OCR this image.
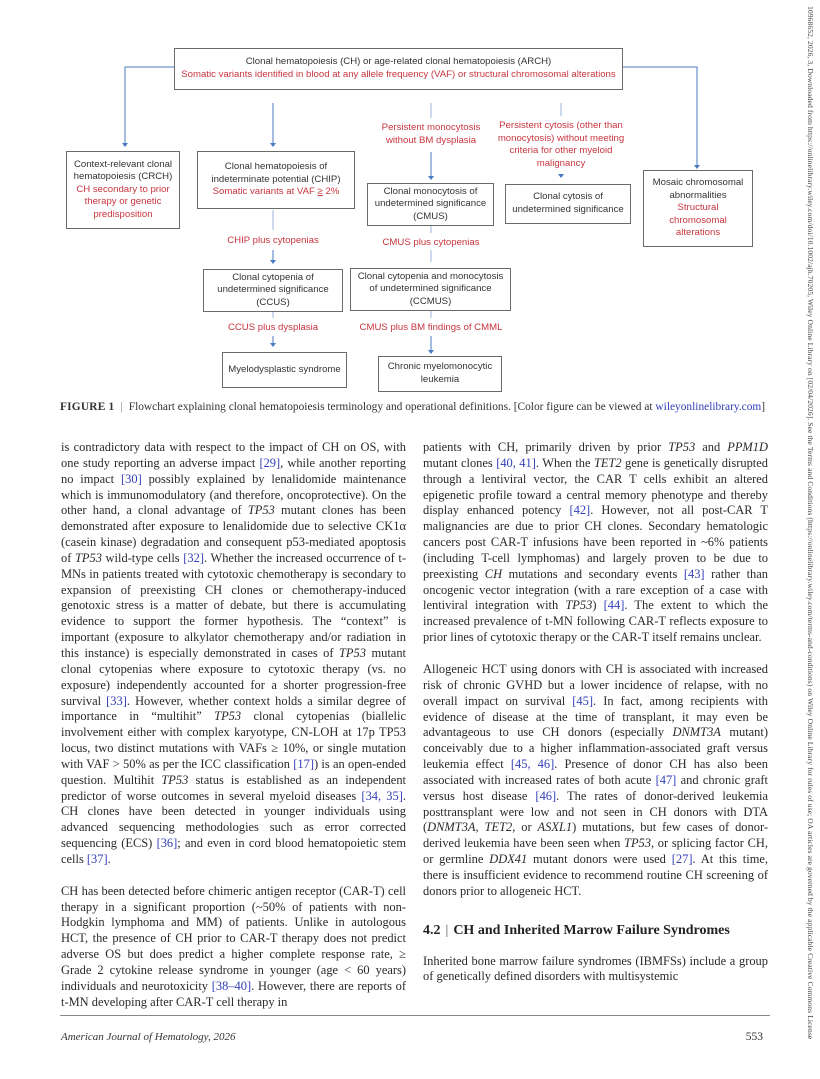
10968652, 2026, 3, Downloaded from https://onlinelibrary.wiley.com/doi/10.1002/ajh.70205, Wiley Online Library on [02/04/2026]. See the Terms and Conditions (https://onlinelibrary.wiley.com/terms-and-conditions) on Wiley Online Library for rules of use; OA articles are governed by the applicable Creative Commons License
Clonal hematopoiesis (CH) or age-related clonal hematopoiesis (ARCH)
Somatic variants identified in blood at any allele frequency (VAF) or structural chromosomal alterations
Context-relevant clonal hematopoiesis (CRCH)
CH secondary to prior therapy or genetic predisposition
Clonal hematopoiesis of indeterminate potential (CHIP)
Somatic variants at VAF ≥ 2%
Persistent monocytosis without BM dysplasia
Persistent cytosis (other than monocytosis) without meeting criteria for other myeloid malignancy
Clonal monocytosis of undetermined significance (CMUS)
Clonal cytosis of undetermined significance
Mosaic chromosomal abnormalities
Structural chromosomal alterations
CHIP plus cytopenias	CMUS plus cytopenias
Clonal cytopenia of undetermined significance (CCUS)
Clonal cytopenia and monocytosis of undetermined significance (CCMUS)
CCUS plus dysplasia	CMUS plus BM findings of CMML
Myelodysplastic syndrome	Chronic myelomonocytic leukemia
FIGURE 1 | Flowchart explaining clonal hematopoiesis terminology and operational definitions. [Color figure can be viewed at wileyonlinelibrary.com]

is contradictory data with respect to the impact of CH on OS, with one study reporting an adverse impact [29], while another reporting no impact [30] possibly explained by lenalidomide maintenance which is immunomodulatory (and therefore, oncoprotective). On the other hand, a clonal advantage of TP53 mutant clones has been demonstrated after exposure to lenalidomide due to selective CK1α (casein kinase) degradation and consequent p53-mediated apoptosis of TP53 wild-type cells [32]. Whether the increased occurrence of t-MNs in patients treated with cytotoxic chemotherapy is secondary to expansion of preexisting CH clones or chemotherapy-induced genotoxic stress is a matter of debate, but there is accumulating evidence to support the former hypothesis. The “context” is important (exposure to alkylator chemotherapy and/or radiation in this instance) is especially demonstrated in cases of TP53 mutant clonal cytopenias where exposure to cytotoxic therapy (vs. no exposure) independently accounted for a shorter progression-free survival [33]. However, whether context holds a similar degree of importance in “multihit” TP53 clonal cytopenias (biallelic involvement either with complex karyotype, CN-LOH at 17p TP53 locus, two distinct mutations with VAFs ≥ 10%, or single mutation with VAF > 50% as per the ICC classification [17]) is an open-ended question. Multihit TP53 status is established as an independent predictor of worse outcomes in several myeloid diseases [34, 35]. CH clones have been detected in younger individuals using advanced sequencing methodologies such as error corrected sequencing (ECS) [36]; and even in cord blood hematopoietic stem cells [37].

CH has been detected before chimeric antigen receptor (CAR-T) cell therapy in a significant proportion (~50% of patients with non-Hodgkin lymphoma and MM) of patients. Unlike in autologous HCT, the presence of CH prior to CAR-T therapy does not predict adverse OS but does predict a higher complete response rate, ≥ Grade 2 cytokine release syndrome in younger (age < 60 years) individuals and neurotoxicity [38–40]. However, there are reports of t-MN developing after CAR-T cell therapy in

patients with CH, primarily driven by prior TP53 and PPM1D mutant clones [40, 41]. When the TET2 gene is genetically disrupted through a lentiviral vector, the CAR T cells exhibit an altered epigenetic profile toward a central memory phenotype and thereby display enhanced potency [42]. However, not all post-CAR T malignancies are due to prior CH clones. Secondary hematologic cancers post CAR-T infusions have been reported in ~6% patients (including T-cell lymphomas) and largely proven to be due to preexisting CH mutations and secondary events [43] rather than oncogenic vector integration (with a rare exception of a case with lentiviral integration with TP53) [44]. The extent to which the increased prevalence of t-MN following CAR-T reflects exposure to prior lines of cytotoxic therapy or the CAR-T itself remains unclear.

Allogeneic HCT using donors with CH is associated with increased risk of chronic GVHD but a lower incidence of relapse, with no overall impact on survival [45]. In fact, among recipients with evidence of disease at the time of transplant, it may even be advantageous to use CH donors (especially DNMT3A mutant) conceivably due to a higher inflammation-associated graft versus leukemia effect [45, 46]. Presence of donor CH has also been associated with increased rates of both acute [47] and chronic graft versus host disease [46]. The rates of donor-derived leukemia posttransplant were low and not seen in CH donors with DTA (DNMT3A, TET2, or ASXL1) mutations, but few cases of donor-derived leukemia have been seen when TP53, or splicing factor CH, or germline DDX41 mutant donors were used [27]. At this time, there is insufficient evidence to recommend routine CH screening of donors prior to allogeneic HCT.

4.2 | CH and Inherited Marrow Failure Syndromes

Inherited bone marrow failure syndromes (IBMFSs) include a group of genetically defined disorders with multisystemic

American Journal of Hematology, 2026	553
